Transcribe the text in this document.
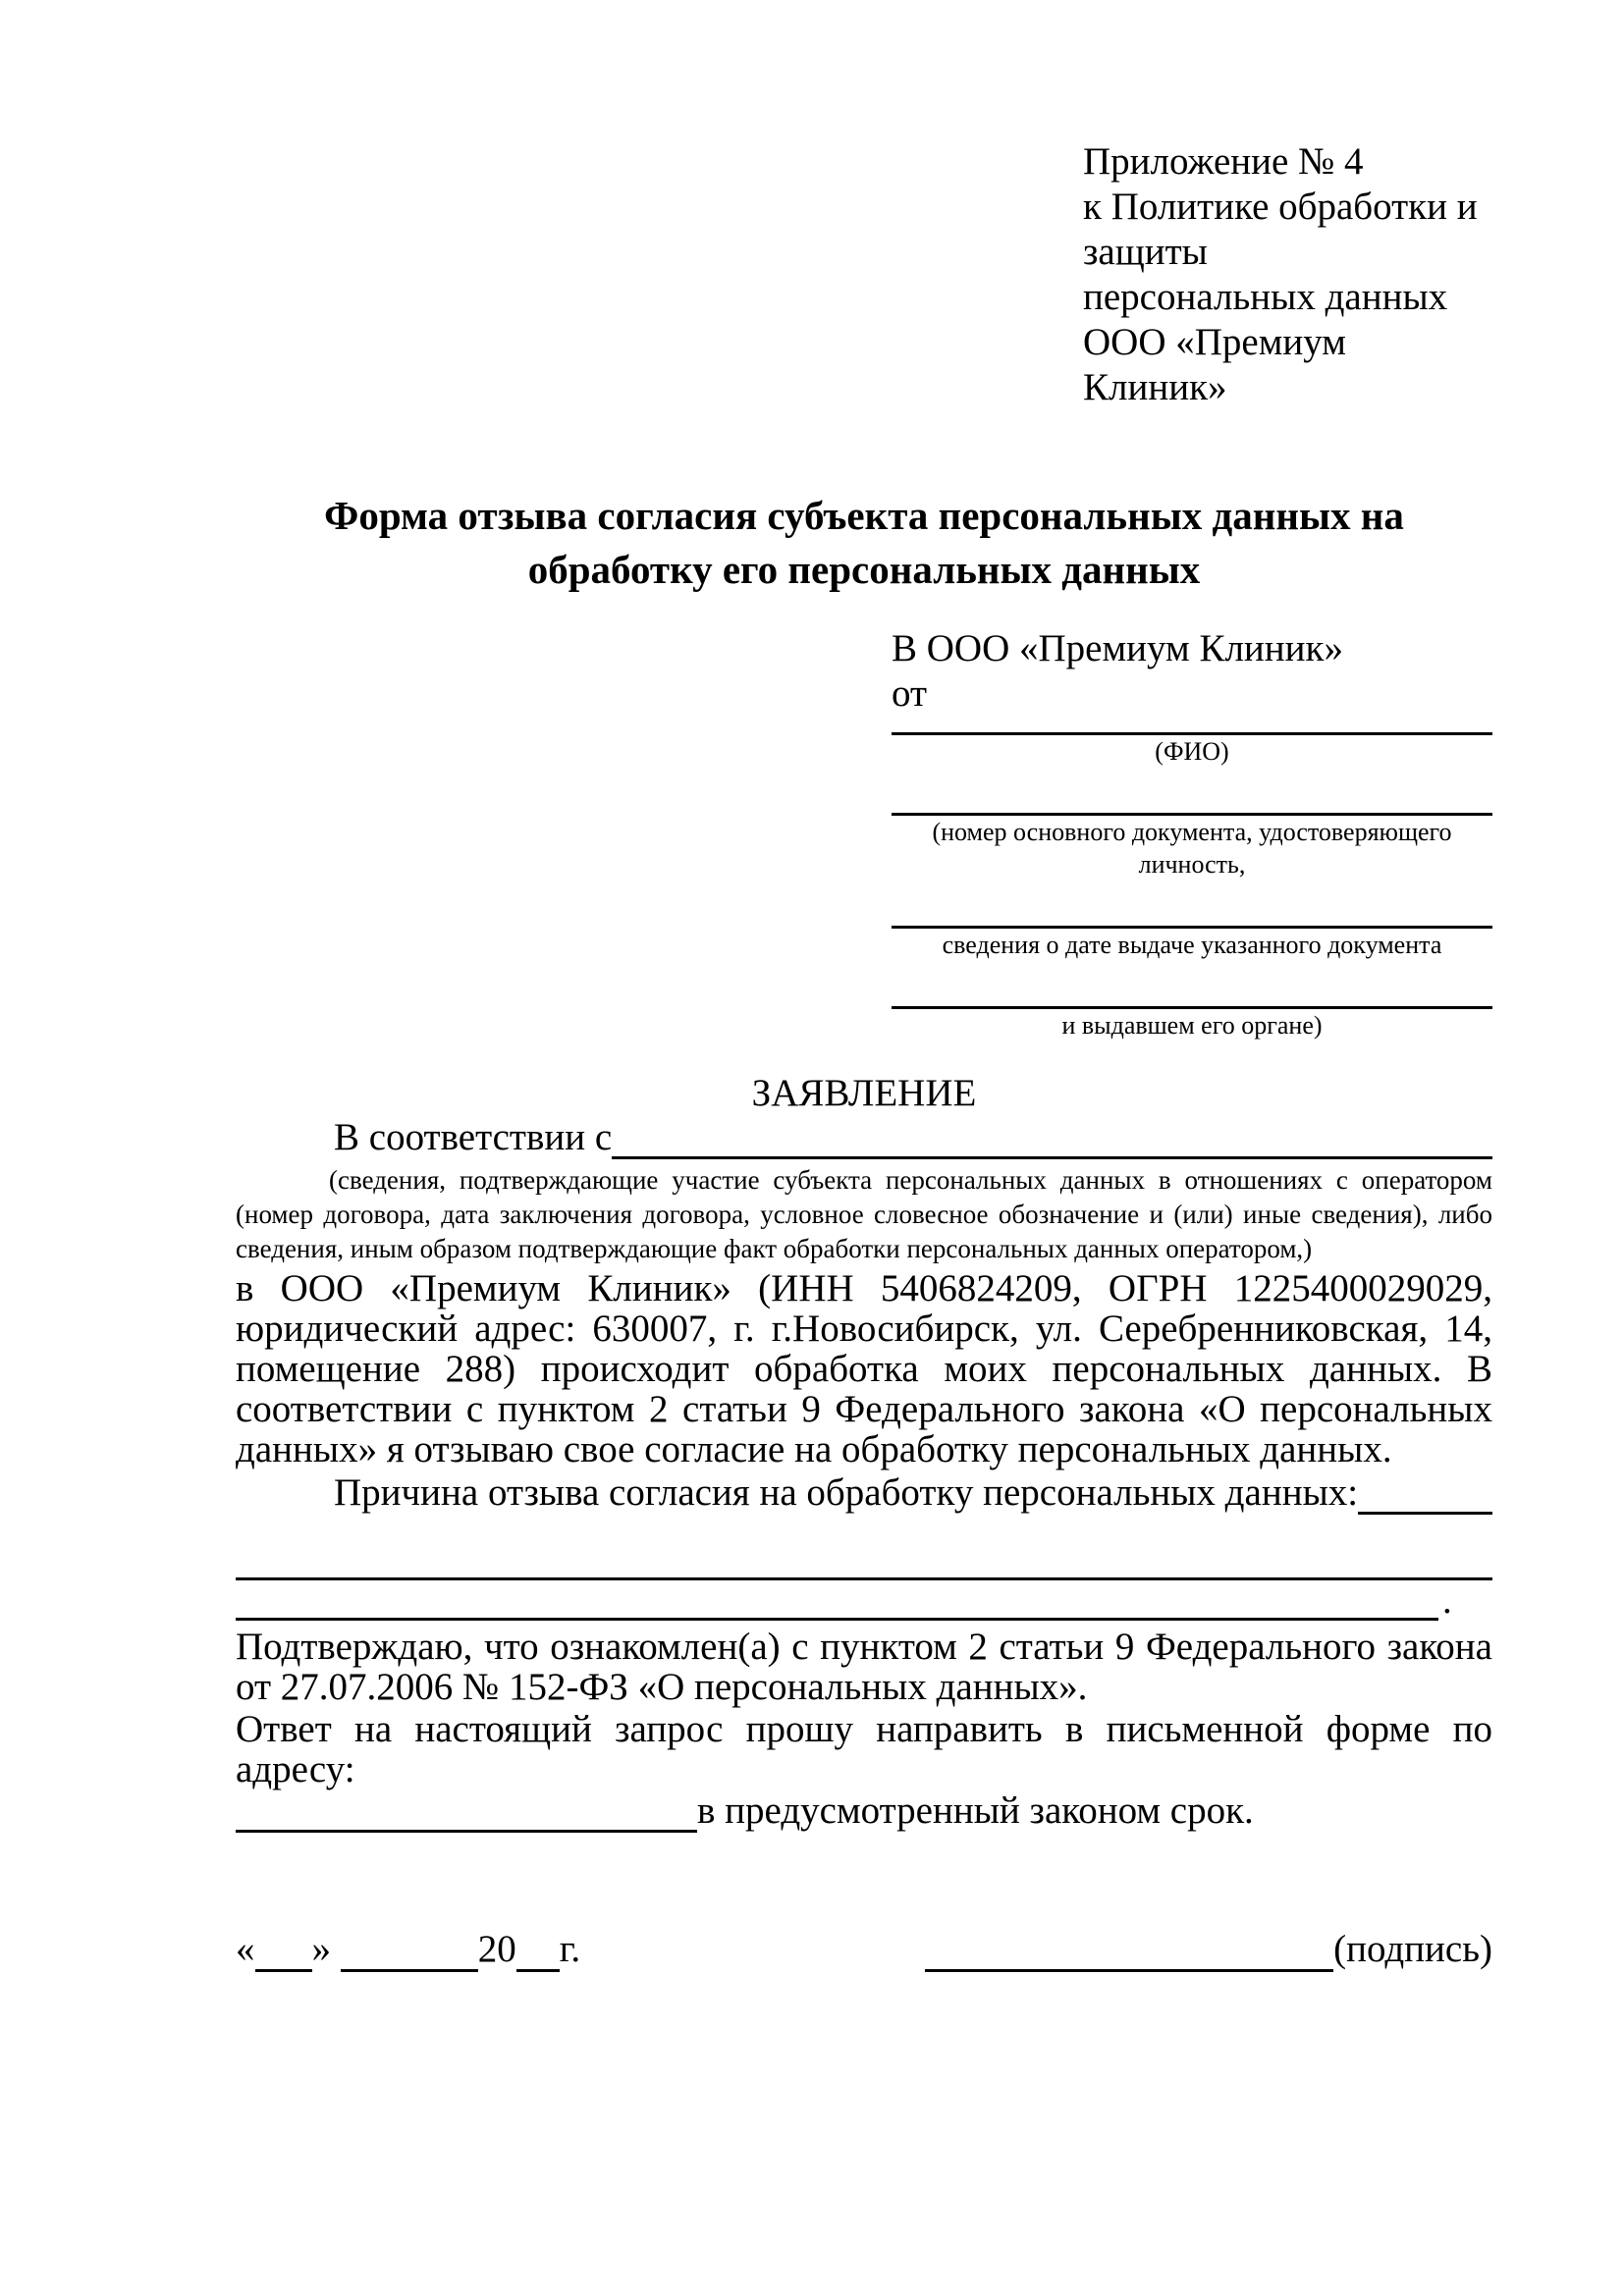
Приложение № 4
к Политике обработки и защиты
персональных данных
ООО «Премиум Клиник»
Форма отзыва согласия субъекта персональных данных на обработку его персональных данных
В ООО «Премиум Клиник»
от
(ФИО)
(номер основного документа, удостоверяющего личность,
сведения о дате выдаче указанного документа
и выдавшем его органе)
ЗАЯВЛЕНИЕ
В соответствии с

(сведения, подтверждающие участие субъекта персональных данных в отношениях с оператором (номер договора, дата заключения договора, условное словесное обозначение и (или) иные сведения), либо сведения, иным образом подтверждающие факт обработки персональных данных оператором,)

в ООО «Премиум Клиник» (ИНН 5406824209, ОГРН 1225400029029, юридический адрес: 630007, г. г.Новосибирск, ул. Серебренниковская, 14, помещение 288) происходит обработка моих персональных данных. В соответствии с пунктом 2 статьи 9 Федерального закона «О персональных данных» я отзываю свое согласие на обработку персональных данных.

Причина отзыва согласия на обработку персональных данных:
.

Подтверждаю, что ознакомлен(а) с пунктом 2 статьи 9 Федерального закона от 27.07.2006 № 152-ФЗ «О персональных данных».

Ответ на настоящий запрос прошу направить в письменной форме по адресу:

в предусмотренный законом срок.
« »
	20 г.	(подпись)
